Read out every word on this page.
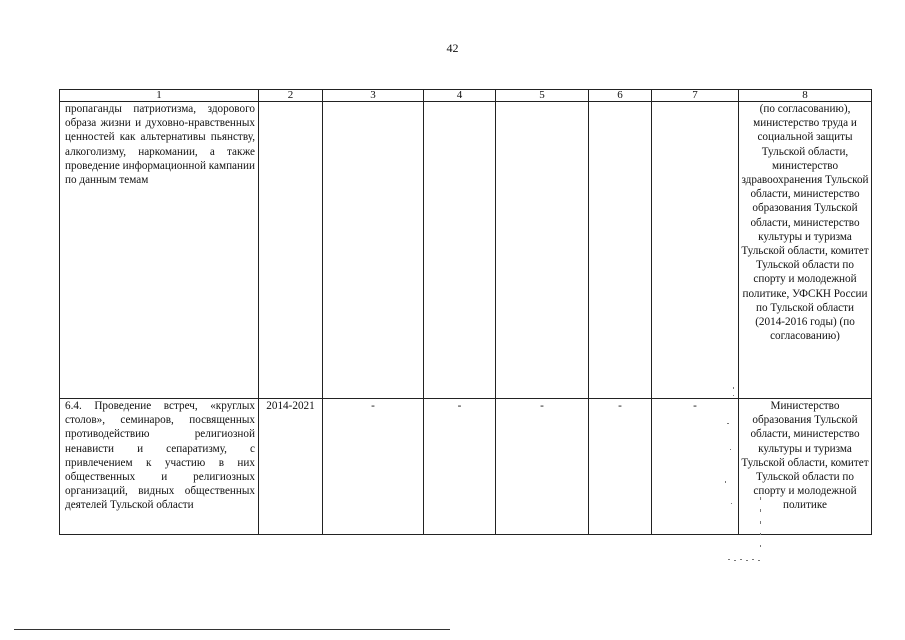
42
1	2	3	4	5	6	7	8
пропаганды патриотизма, здорового образа жизни и духовно-нравственных ценностей как альтернативы пьянству, алкоголизму, наркомании, а также проведение информационной кампании по данным темам							(по согласованию), министерство труда и социальной защиты Тульской области, министерство здравоохранения Тульской области, министерство образования Тульской области, министерство культуры и туризма Тульской области, комитет Тульской области по спорту и молодежной политике, УФСКН России по Тульской области (2014-2016 годы) (по согласованию)
6.4. Проведение встреч, «круглых столов», семинаров, посвященных противодействию религиозной ненависти и сепаратизму, с привлечением к участию в них общественных и религиозных организаций, видных общественных деятелей Тульской области	2014-2021	-	-	-	-	-	Министерство образования Тульской области, министерство культуры и туризма Тульской области, комитет Тульской области по спорту и молодежной политике
